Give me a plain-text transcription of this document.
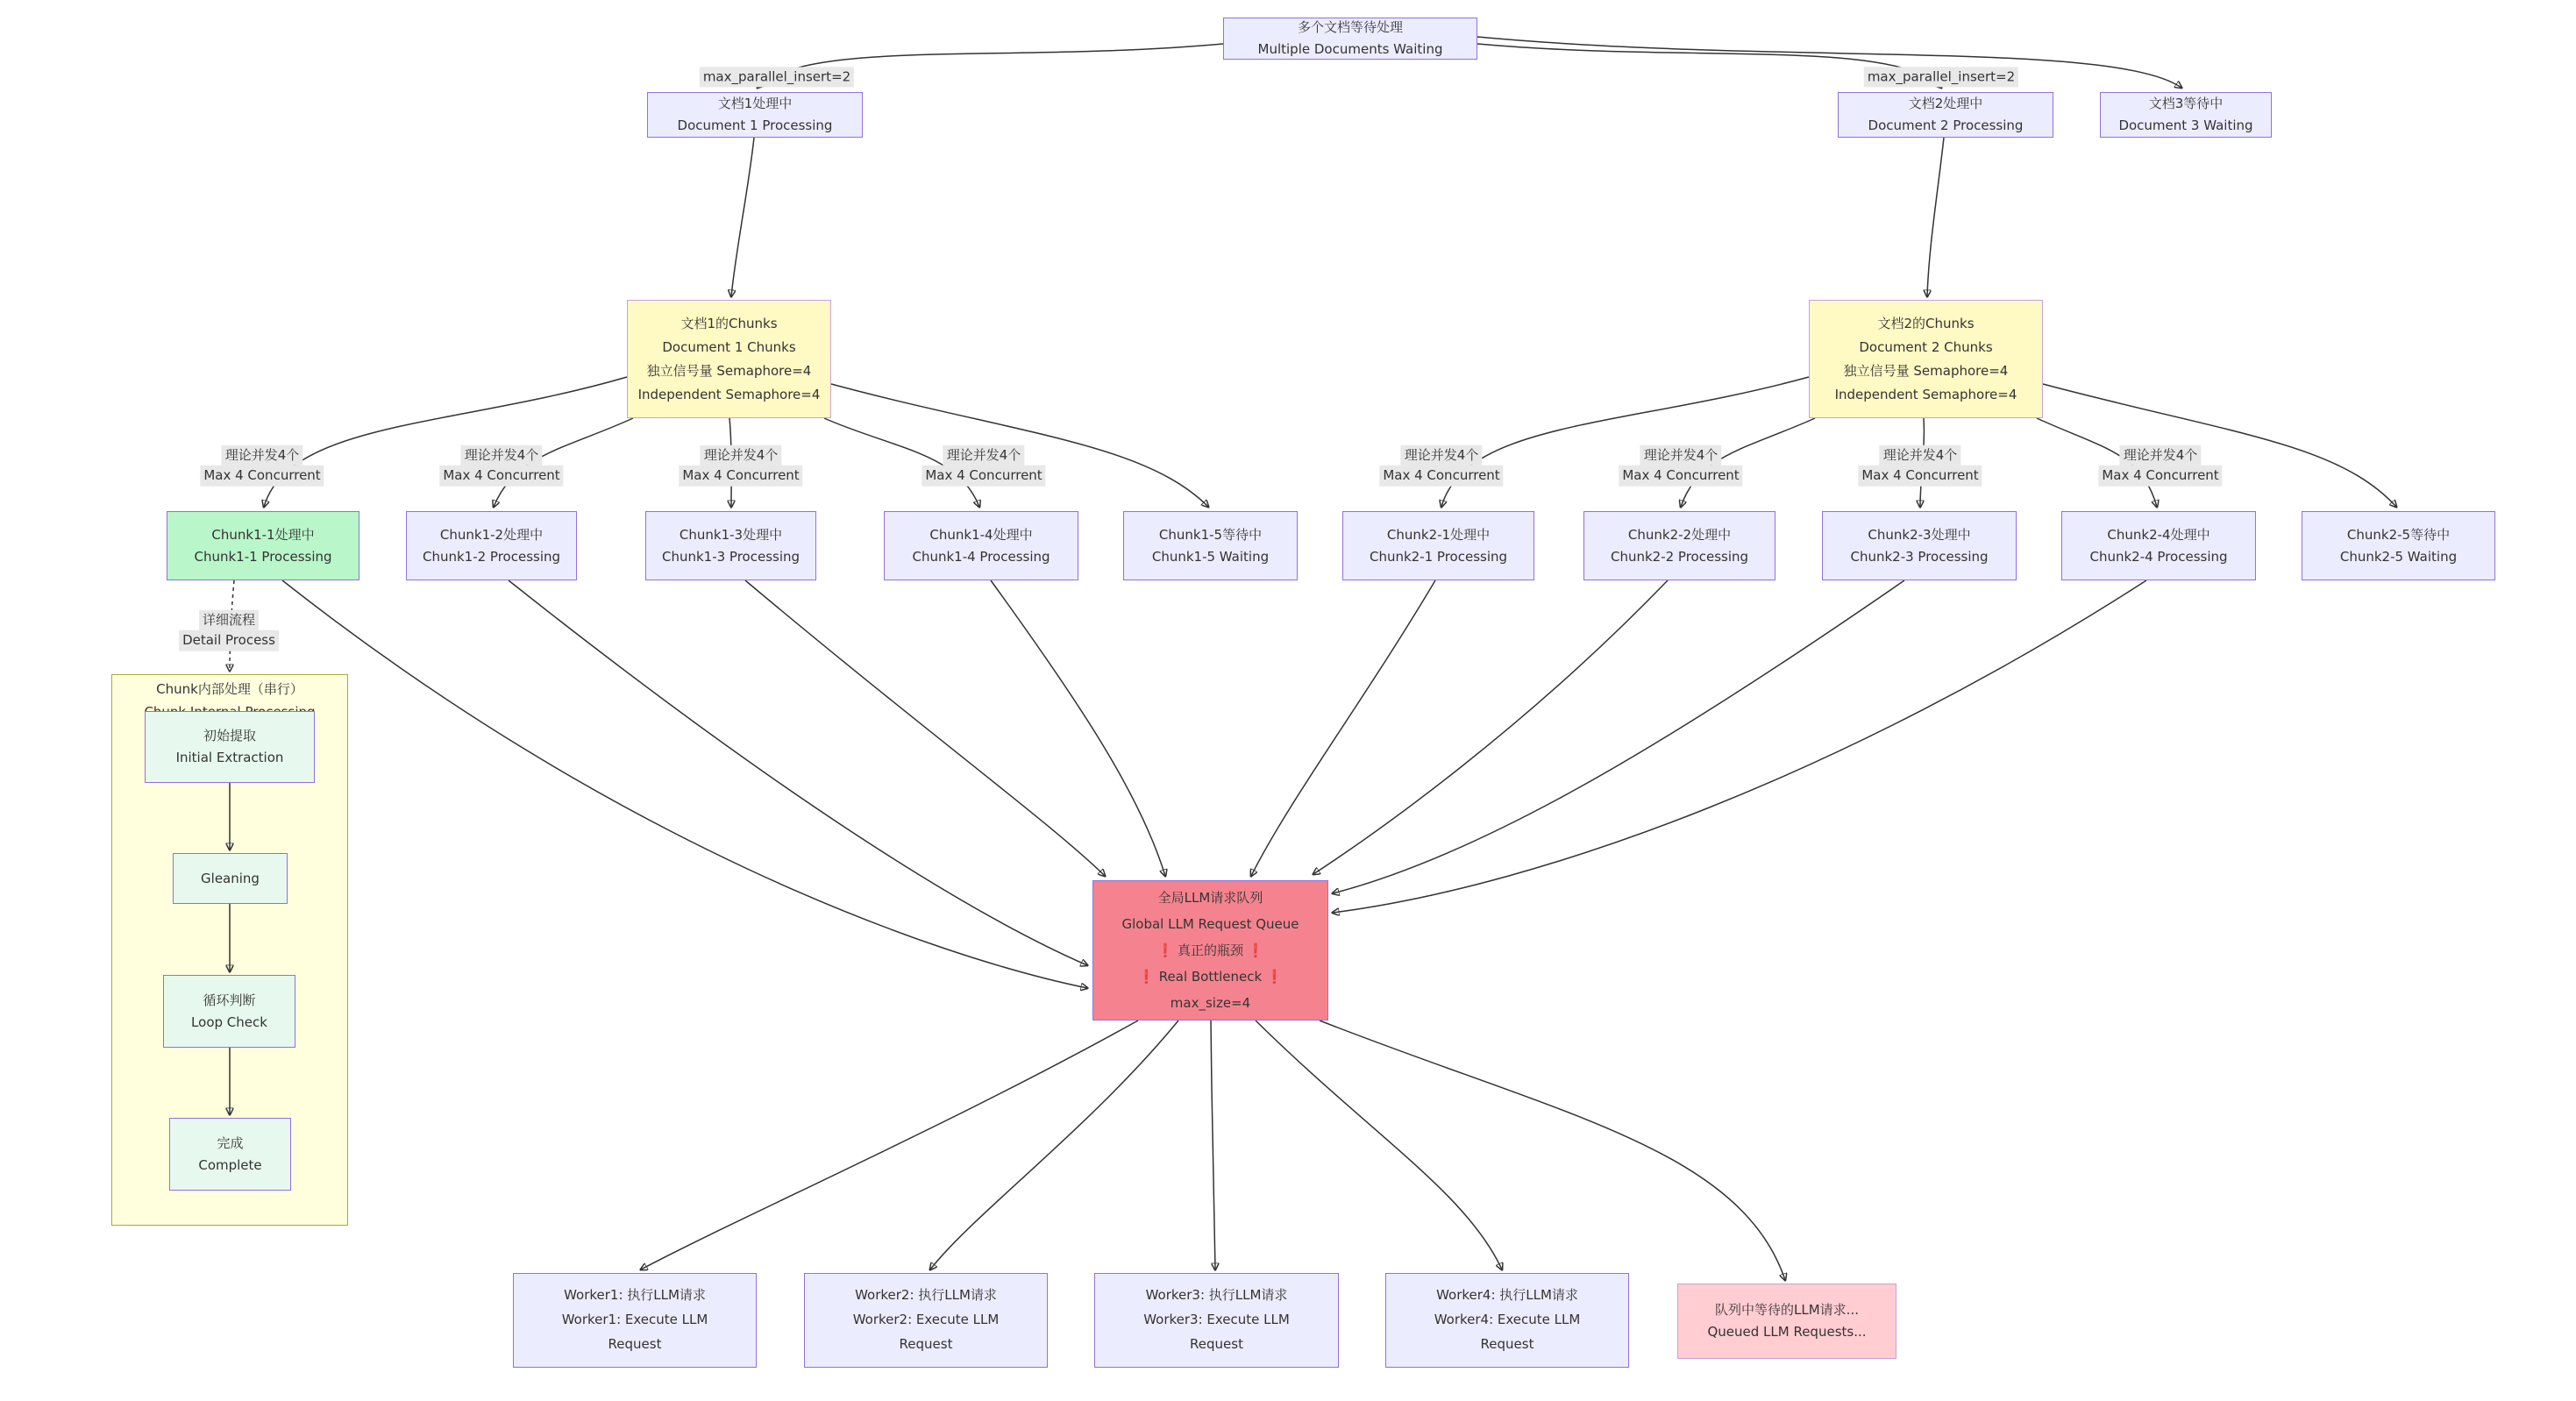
Chunk内部处理（串行）
多个文档等待处理
Multiple Documents Waiting
文档1处理中
Document 1 Processing
文档2处理中
Document 2 Processing
文档3等待中
Document 3 Waiting
文档1的Chunks
Document 1 Chunks
独立信号量 Semaphore=4
Independent Semaphore=4
文档2的Chunks
Document 2 Chunks
独立信号量 Semaphore=4
Independent Semaphore=4
Chunk1-1处理中
Chunk1-1 Processing
Chunk1-2处理中
Chunk1-2 Processing
Chunk1-3处理中
Chunk1-3 Processing
Chunk1-4处理中
Chunk1-4 Processing
Chunk1-5等待中
Chunk1-5 Waiting
Chunk2-1处理中
Chunk2-1 Processing
Chunk2-2处理中
Chunk2-2 Processing
Chunk2-3处理中
Chunk2-3 Processing
Chunk2-4处理中
Chunk2-4 Processing
Chunk2-5等待中
Chunk2-5 Waiting
初始提取
Initial Extraction
Gleaning
循环判断
Loop Check
完成
Complete
全局LLM请求队列
Global LLM Request Queue
❗ 真正的瓶颈 ❗
❗ Real Bottleneck ❗
max_size=4
Worker1: 执行LLM请求
Worker1: Execute LLM
Request
Worker2: 执行LLM请求
Worker2: Execute LLM
Request
Worker3: 执行LLM请求
Worker3: Execute LLM
Request
Worker4: 执行LLM请求
Worker4: Execute LLM
Request
队列中等待的LLM请求...
Queued LLM Requests...
max_parallel_insert=2	max_parallel_insert=2
理论并发4个
Max 4 Concurrent
理论并发4个
Max 4 Concurrent
理论并发4个
Max 4 Concurrent
理论并发4个
Max 4 Concurrent
理论并发4个
Max 4 Concurrent
理论并发4个
Max 4 Concurrent
理论并发4个
Max 4 Concurrent
理论并发4个
Max 4 Concurrent
详细流程
Detail Process
